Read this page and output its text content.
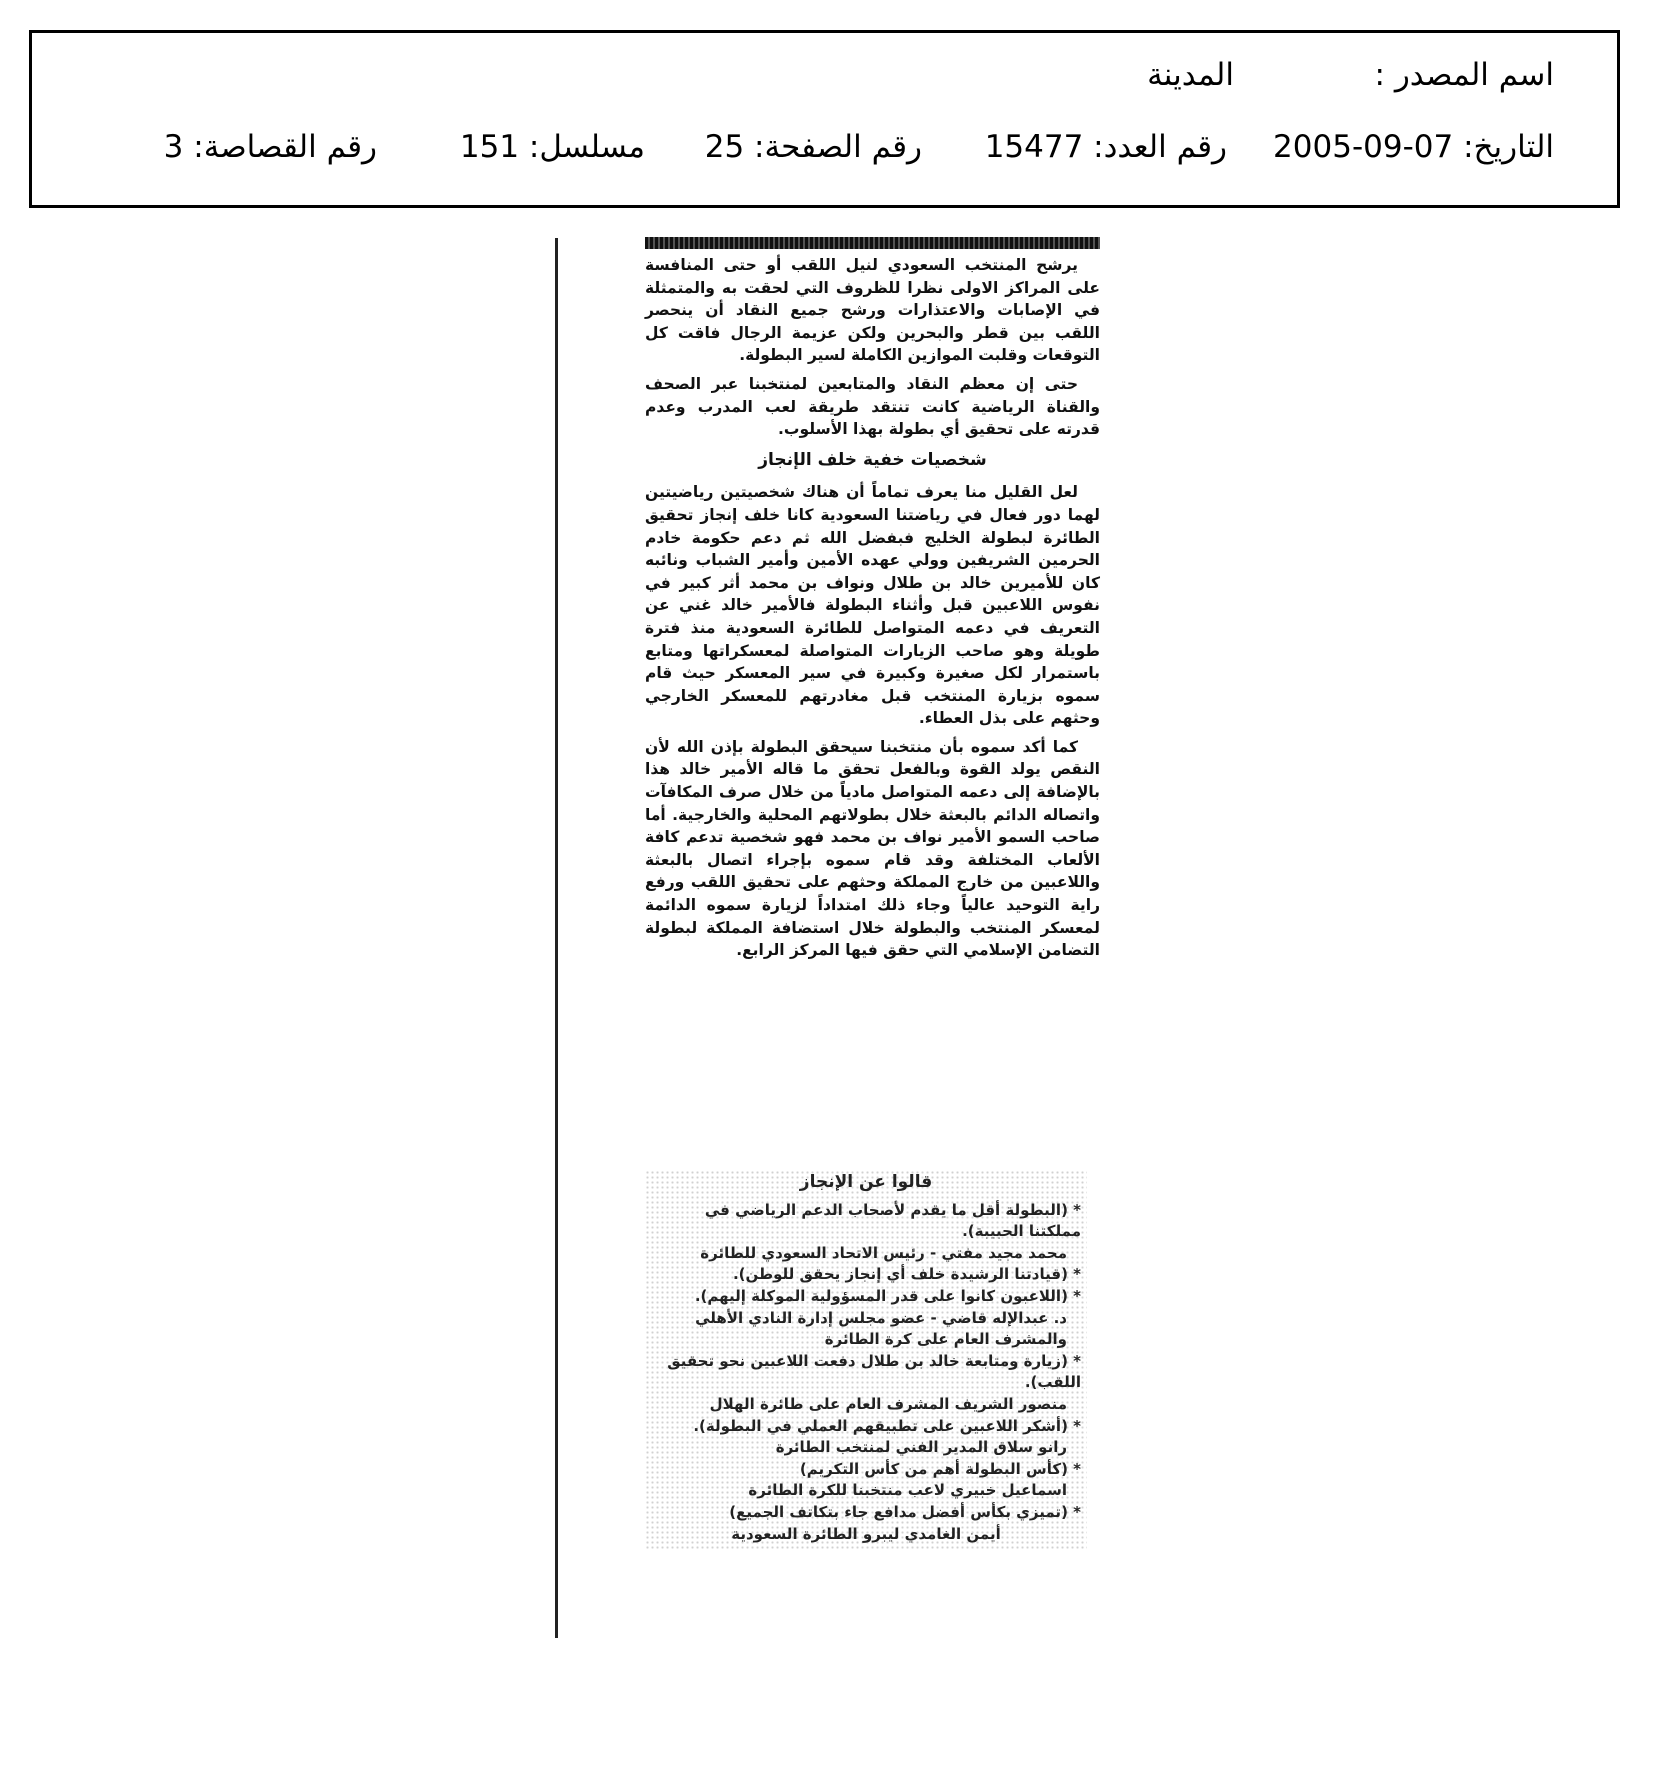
اسم المصدر :
المدينة
التاريخ: 07-09-2005
رقم العدد: 15477
رقم الصفحة: 25
مسلسل: 151
رقم القصاصة: 3

يرشح المنتخب السعودي لنيل اللقب أو حتى المنافسة على المراكز الاولى نظرا للظروف التي لحقت به والمتمثلة في الإصابات والاعتذارات ورشح جميع النقاد أن ينحصر اللقب بين قطر والبحرين ولكن عزيمة الرجال فاقت كل التوقعات وقلبت الموازين الكاملة لسير البطولة.

حتى إن معظم النقاد والمتابعين لمنتخبنا عبر الصحف والقناة الرياضية كانت تنتقد طريقة لعب المدرب وعدم قدرته على تحقيق أي بطولة بهذا الأسلوب.

شخصيات خفية خلف الإنجاز

لعل القليل منا يعرف تماماً أن هناك شخصيتين رياضيتين لهما دور فعال في رياضتنا السعودية كانا خلف إنجاز تحقيق الطائرة لبطولة الخليج فبفضل الله ثم دعم حكومة خادم الحرمين الشريفين وولي عهده الأمين وأمير الشباب ونائبه كان للأميرين خالد بن طلال ونواف بن محمد أثر كبير في نفوس اللاعبين قبل وأثناء البطولة فالأمير خالد غني عن التعريف في دعمه المتواصل للطائرة السعودية منذ فترة طويلة وهو صاحب الزيارات المتواصلة لمعسكراتها ومتابع باستمرار لكل صغيرة وكبيرة في سير المعسكر حيث قام سموه بزيارة المنتخب قبل مغادرتهم للمعسكر الخارجي وحثهم على بذل العطاء.

كما أكد سموه بأن منتخبنا سيحقق البطولة بإذن الله لأن النقص يولد القوة وبالفعل تحقق ما قاله الأمير خالد هذا بالإضافة إلى دعمه المتواصل مادياً من خلال صرف المكافآت واتصاله الدائم بالبعثة خلال بطولاتهم المحلية والخارجية. أما صاحب السمو الأمير نواف بن محمد فهو شخصية تدعم كافة الألعاب المختلفة وقد قام سموه بإجراء اتصال بالبعثة واللاعبين من خارج المملكة وحثهم على تحقيق اللقب ورفع راية التوحيد عالياً وجاء ذلك امتداداً لزيارة سموه الدائمة لمعسكر المنتخب والبطولة خلال استضافة المملكة لبطولة التضامن الإسلامي التي حقق فيها المركز الرابع.

قالوا عن الإنجاز
* (البطولة أقل ما يقدم لأصحاب الدعم الرياضي في مملكتنا الحبيبة).
محمد مجيد مفتي - رئيس الاتحاد السعودي للطائرة
* (قيادتنا الرشيدة خلف أي إنجاز يحقق للوطن).
* (اللاعبون كانوا على قدر المسؤولية الموكلة إليهم).
د. عبدالإله قاضي - عضو مجلس إدارة النادي الأهلي والمشرف العام على كرة الطائرة
* (زيارة ومتابعة خالد بن طلال دفعت اللاعبين نحو تحقيق اللقب).
منصور الشريف المشرف العام على طائرة الهلال
* (أشكر اللاعبين على تطبيقهم العملي في البطولة).
رانو سلاق المدير الفني لمنتخب الطائرة
* (كأس البطولة أهم من كأس التكريم)
اسماعيل خبيري لاعب منتخبنا للكرة الطائرة
* (تميزي بكأس أفضل مدافع جاء بتكاتف الجميع)
أيمن الغامدي ليبرو الطائرة السعودية
